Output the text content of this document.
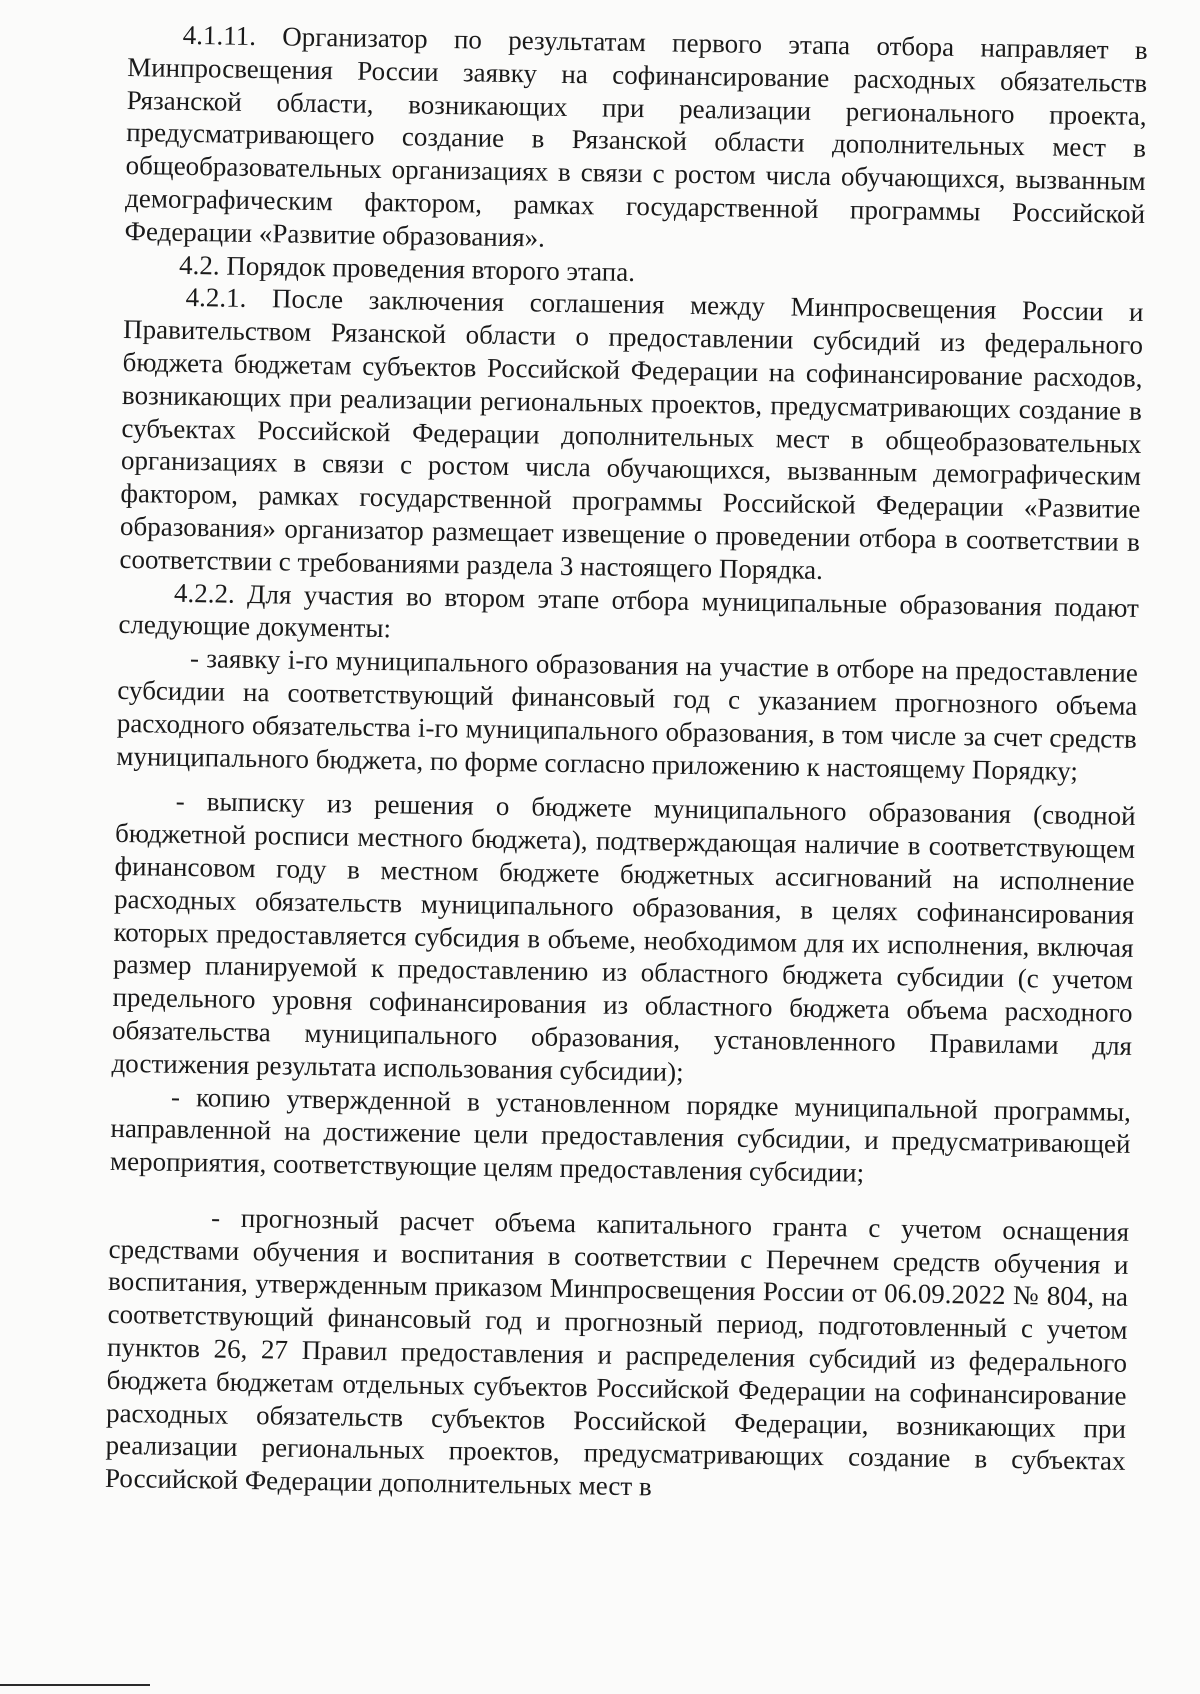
4.1.11. Организатор по результатам первого этапа отбора направляет в Минпросвещения России заявку на софинансирование расходных обязательств Рязанской области, возникающих при реализации регионального проекта, предусматривающего создание в Рязанской области дополнительных мест в общеобразовательных организациях в связи с ростом числа обучающихся, вызванным демографическим фактором, рамках государственной программы Российской Федерации «Развитие образования».

4.2. Порядок проведения второго этапа.

4.2.1. После заключения соглашения между Минпросвещения России и Правительством Рязанской области о предоставлении субсидий из федерального бюджета бюджетам субъектов Российской Федерации на софинансирование расходов, возникающих при реализации региональных проектов, предусматривающих создание в субъектах Российской Федерации дополнительных мест в общеобразовательных организациях в связи с ростом числа обучающихся, вызванным демографическим фактором, рамках государственной программы Российской Федерации «Развитие образования» организатор размещает извещение о проведении отбора в соответствии в соответствии с требованиями раздела 3 настоящего Порядка.

4.2.2. Для участия во втором этапе отбора муниципальные образования подают следующие документы:

- заявку i-го муниципального образования на участие в отборе на предоставление субсидии на соответствующий финансовый год с указанием прогнозного объема расходного обязательства i-го муниципального образования, в том числе за счет средств муниципального бюджета, по форме согласно приложению к настоящему Порядку;

- выписку из решения о бюджете муниципального образования (сводной бюджетной росписи местного бюджета), подтверждающая наличие в соответствующем финансовом году в местном бюджете бюджетных ассигнований на исполнение расходных обязательств муниципального образования, в целях софинансирования которых предоставляется субсидия в объеме, необходимом для их исполнения, включая размер планируемой к предоставлению из областного бюджета субсидии (с учетом предельного уровня софинансирования из областного бюджета объема расходного обязательства муниципального образования, установленного Правилами для достижения результата использования субсидии);

- копию утвержденной в установленном порядке муниципальной программы, направленной на достижение цели предоставления субсидии, и предусматривающей мероприятия, соответствующие целям предоставления субсидии;

- прогнозный расчет объема капитального гранта с учетом оснащения средствами обучения и воспитания в соответствии с Перечнем средств обучения и воспитания, утвержденным приказом Минпросвещения России от 06.09.2022 № 804, на соответствующий финансовый год и прогнозный период, подготовленный с учетом пунктов 26, 27 Правил предоставления и распределения субсидий из федерального бюджета бюджетам отдельных субъектов Российской Федерации на софинансирование расходных обязательств субъектов Российской Федерации, возникающих при реализации региональных проектов, предусматривающих создание в субъектах Российской Федерации дополнительных мест в
